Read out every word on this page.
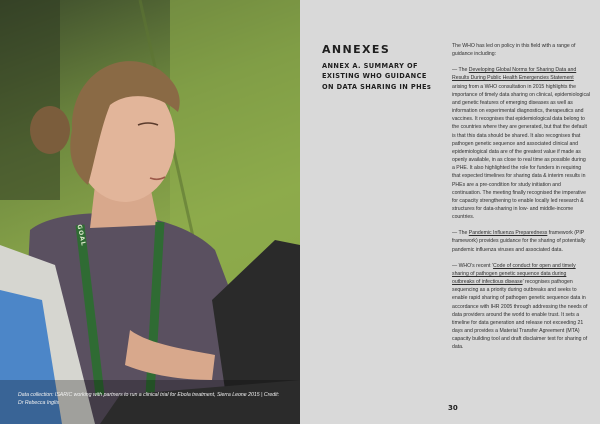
GOAL

Data collection: ISARIC working with partners to run a clinical trial for Ebola treatment, Sierra Leone 2015 | Credit: Dr Rebecca Inglis

ANNEXES
ANNEX A. SUMMARY OF EXISTING WHO GUIDANCE ON DATA SHARING IN PHEs

The WHO has led on policy in this field with a range of guidance including:

— The Developing Global Norms for Sharing Data and Results During Public Health Emergencies Statement arising from a WHO consultation in 2015 highlights the importance of timely data sharing on clinical, epidemiological and genetic features of emerging diseases as well as information on experimental diagnostics, therapeutics and vaccines. It recognises that epidemiological data belong to the countries where they are generated, but that the default is that this data should be shared. It also recognises that pathogen genetic sequence and associated clinical and epidemiological data are of the greatest value if made as openly available, in as close to real time as possible during a PHE. It also highlighted the role for funders in requiring that expected timelines for sharing data & interim results in PHEs are a pre-condition for study initiation and continuation. The meeting finally recognised the imperative for capacity strengthening to enable locally led research & structures for data-sharing in low- and middle-income countries.

— The Pandemic Influenza Preparedness framework (PIP framework) provides guidance for the sharing of potentially pandemic influenza viruses and associated data.

— WHO’s recent ‘Code of conduct for open and timely sharing of pathogen genetic sequence data during outbreaks of infectious disease’ recognises pathogen sequencing as a priority during outbreaks and seeks to enable rapid sharing of pathogen genetic sequence data in accordance with IHR 2005 through addressing the needs of data providers around the world to enable trust. It sets a timeline for data generation and release not exceeding 21 days and provides a Material Transfer Agreement (MTA) capacity building tool and draft disclaimer text for sharing of data.

30
